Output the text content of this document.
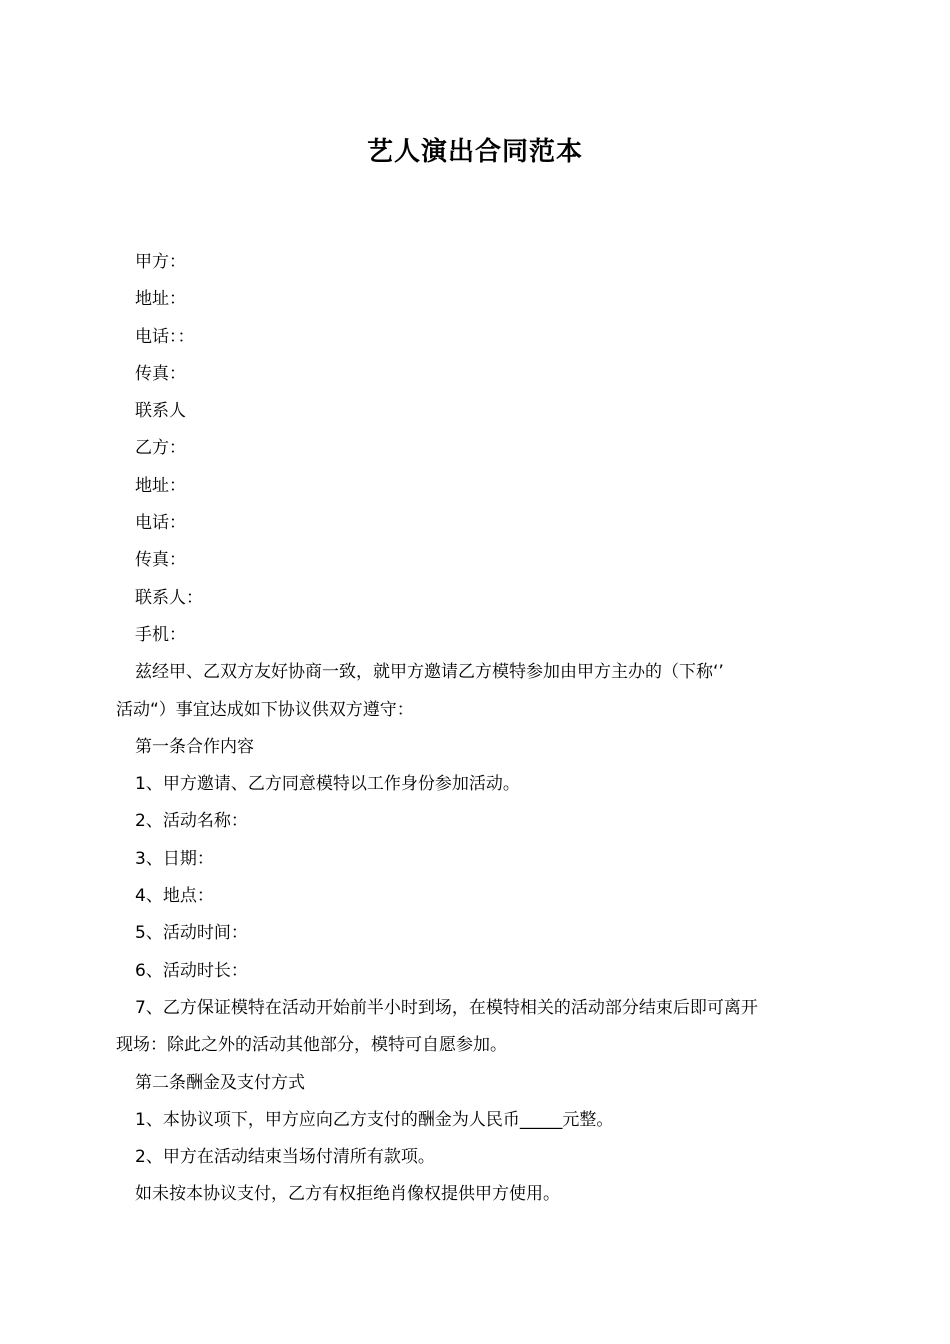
艺人演出合同范本
甲方：
地址：
电话：：
传真：
联系人
乙方：
地址：
电话：
传真：
联系人：
手机：
兹经甲、乙双方友好协商一致，就甲方邀请乙方模特参加由甲方主办的（下称‘’
活动“）事宜达成如下协议供双方遵守：
第一条合作内容
1、甲方邀请、乙方同意模特以工作身份参加活动。
2、活动名称：
3、日期：
4、地点：
5、活动时间：
6、活动时长：
7、乙方保证模特在活动开始前半小时到场，在模特相关的活动部分结束后即可离开
现场：除此之外的活动其他部分，模特可自愿参加。
第二条酬金及支付方式
1、本协议项下，甲方应向乙方支付的酬金为人民币_____元整。
2、甲方在活动结束当场付清所有款项。
如未按本协议支付，乙方有权拒绝肖像权提供甲方使用。
